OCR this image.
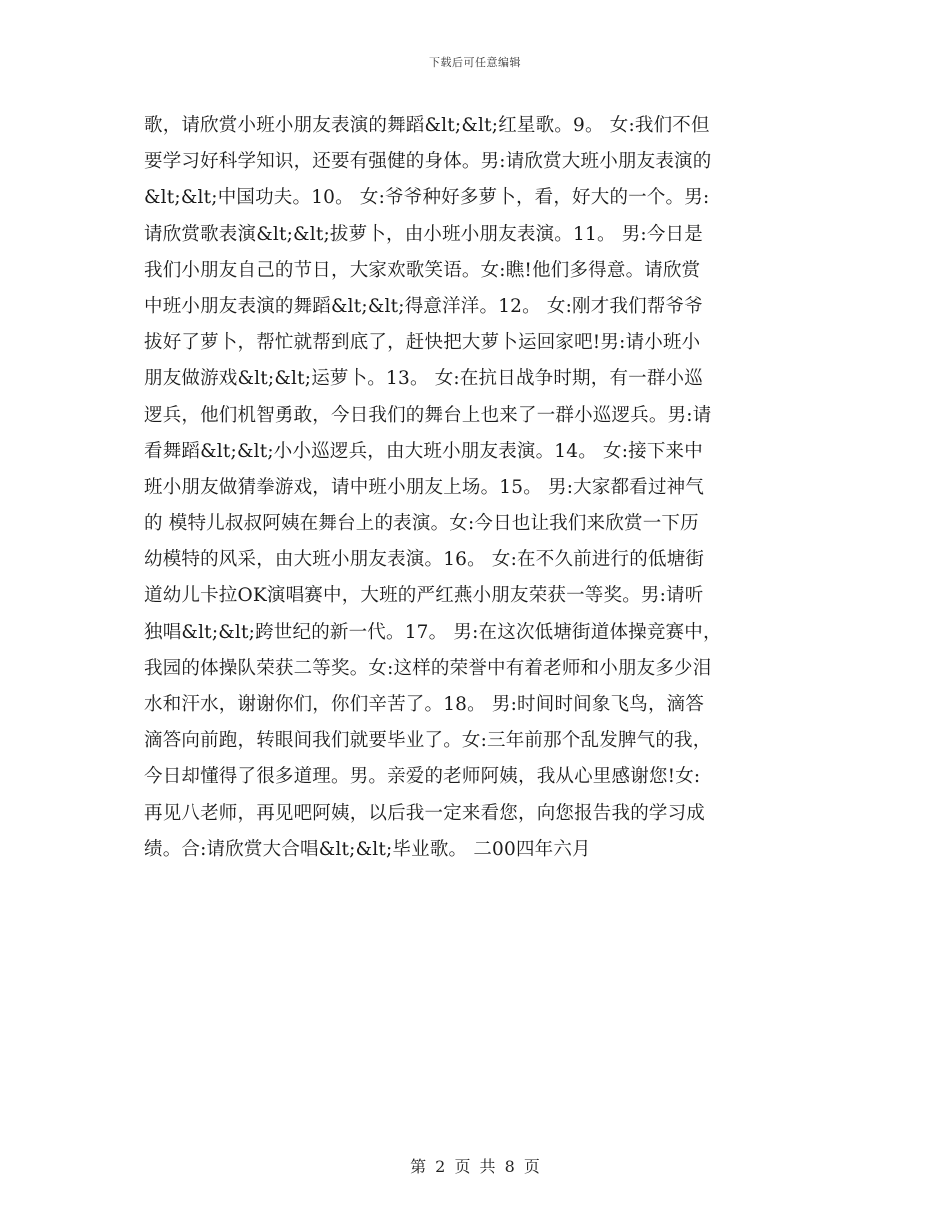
下载后可任意编辑
歌，请欣赏小班小朋友表演的舞蹈&lt;&lt;红星歌。9。 女:我们不但
要学习好科学知识，还要有强健的身体。男:请欣赏大班小朋友表演的
&lt;&lt;中国功夫。10。 女:爷爷种好多萝卜，看，好大的一个。男:
请欣赏歌表演&lt;&lt;拔萝卜，由小班小朋友表演。11。 男:今日是
我们小朋友自己的节日，大家欢歌笑语。女:瞧!他们多得意。请欣赏
中班小朋友表演的舞蹈&lt;&lt;得意洋洋。12。 女:刚才我们帮爷爷
拔好了萝卜，帮忙就帮到底了，赶快把大萝卜运回家吧!男:请小班小
朋友做游戏&lt;&lt;运萝卜。13。 女:在抗日战争时期，有一群小巡
逻兵，他们机智勇敢，今日我们的舞台上也来了一群小巡逻兵。男:请
看舞蹈&lt;&lt;小小巡逻兵，由大班小朋友表演。14。 女:接下来中
班小朋友做猜拳游戏，请中班小朋友上场。15。 男:大家都看过神气
的 模特儿叔叔阿姨在舞台上的表演。女:今日也让我们来欣赏一下历
幼模特的风采，由大班小朋友表演。16。 女:在不久前进行的低塘街
道幼儿卡拉OK演唱赛中，大班的严红燕小朋友荣获一等奖。男:请听
独唱&lt;&lt;跨世纪的新一代。17。 男:在这次低塘街道体操竞赛中，
我园的体操队荣获二等奖。女:这样的荣誉中有着老师和小朋友多少泪
水和汗水，谢谢你们，你们辛苦了。18。 男:时间时间象飞鸟，滴答
滴答向前跑，转眼间我们就要毕业了。女:三年前那个乱发脾气的我，
今日却懂得了很多道理。男。亲爱的老师阿姨，我从心里感谢您!女:
再见八老师，再见吧阿姨，以后我一定来看您，向您报告我的学习成
绩。合:请欣赏大合唱&lt;&lt;毕业歌。 二00四年六月
第 2 页 共 8 页
